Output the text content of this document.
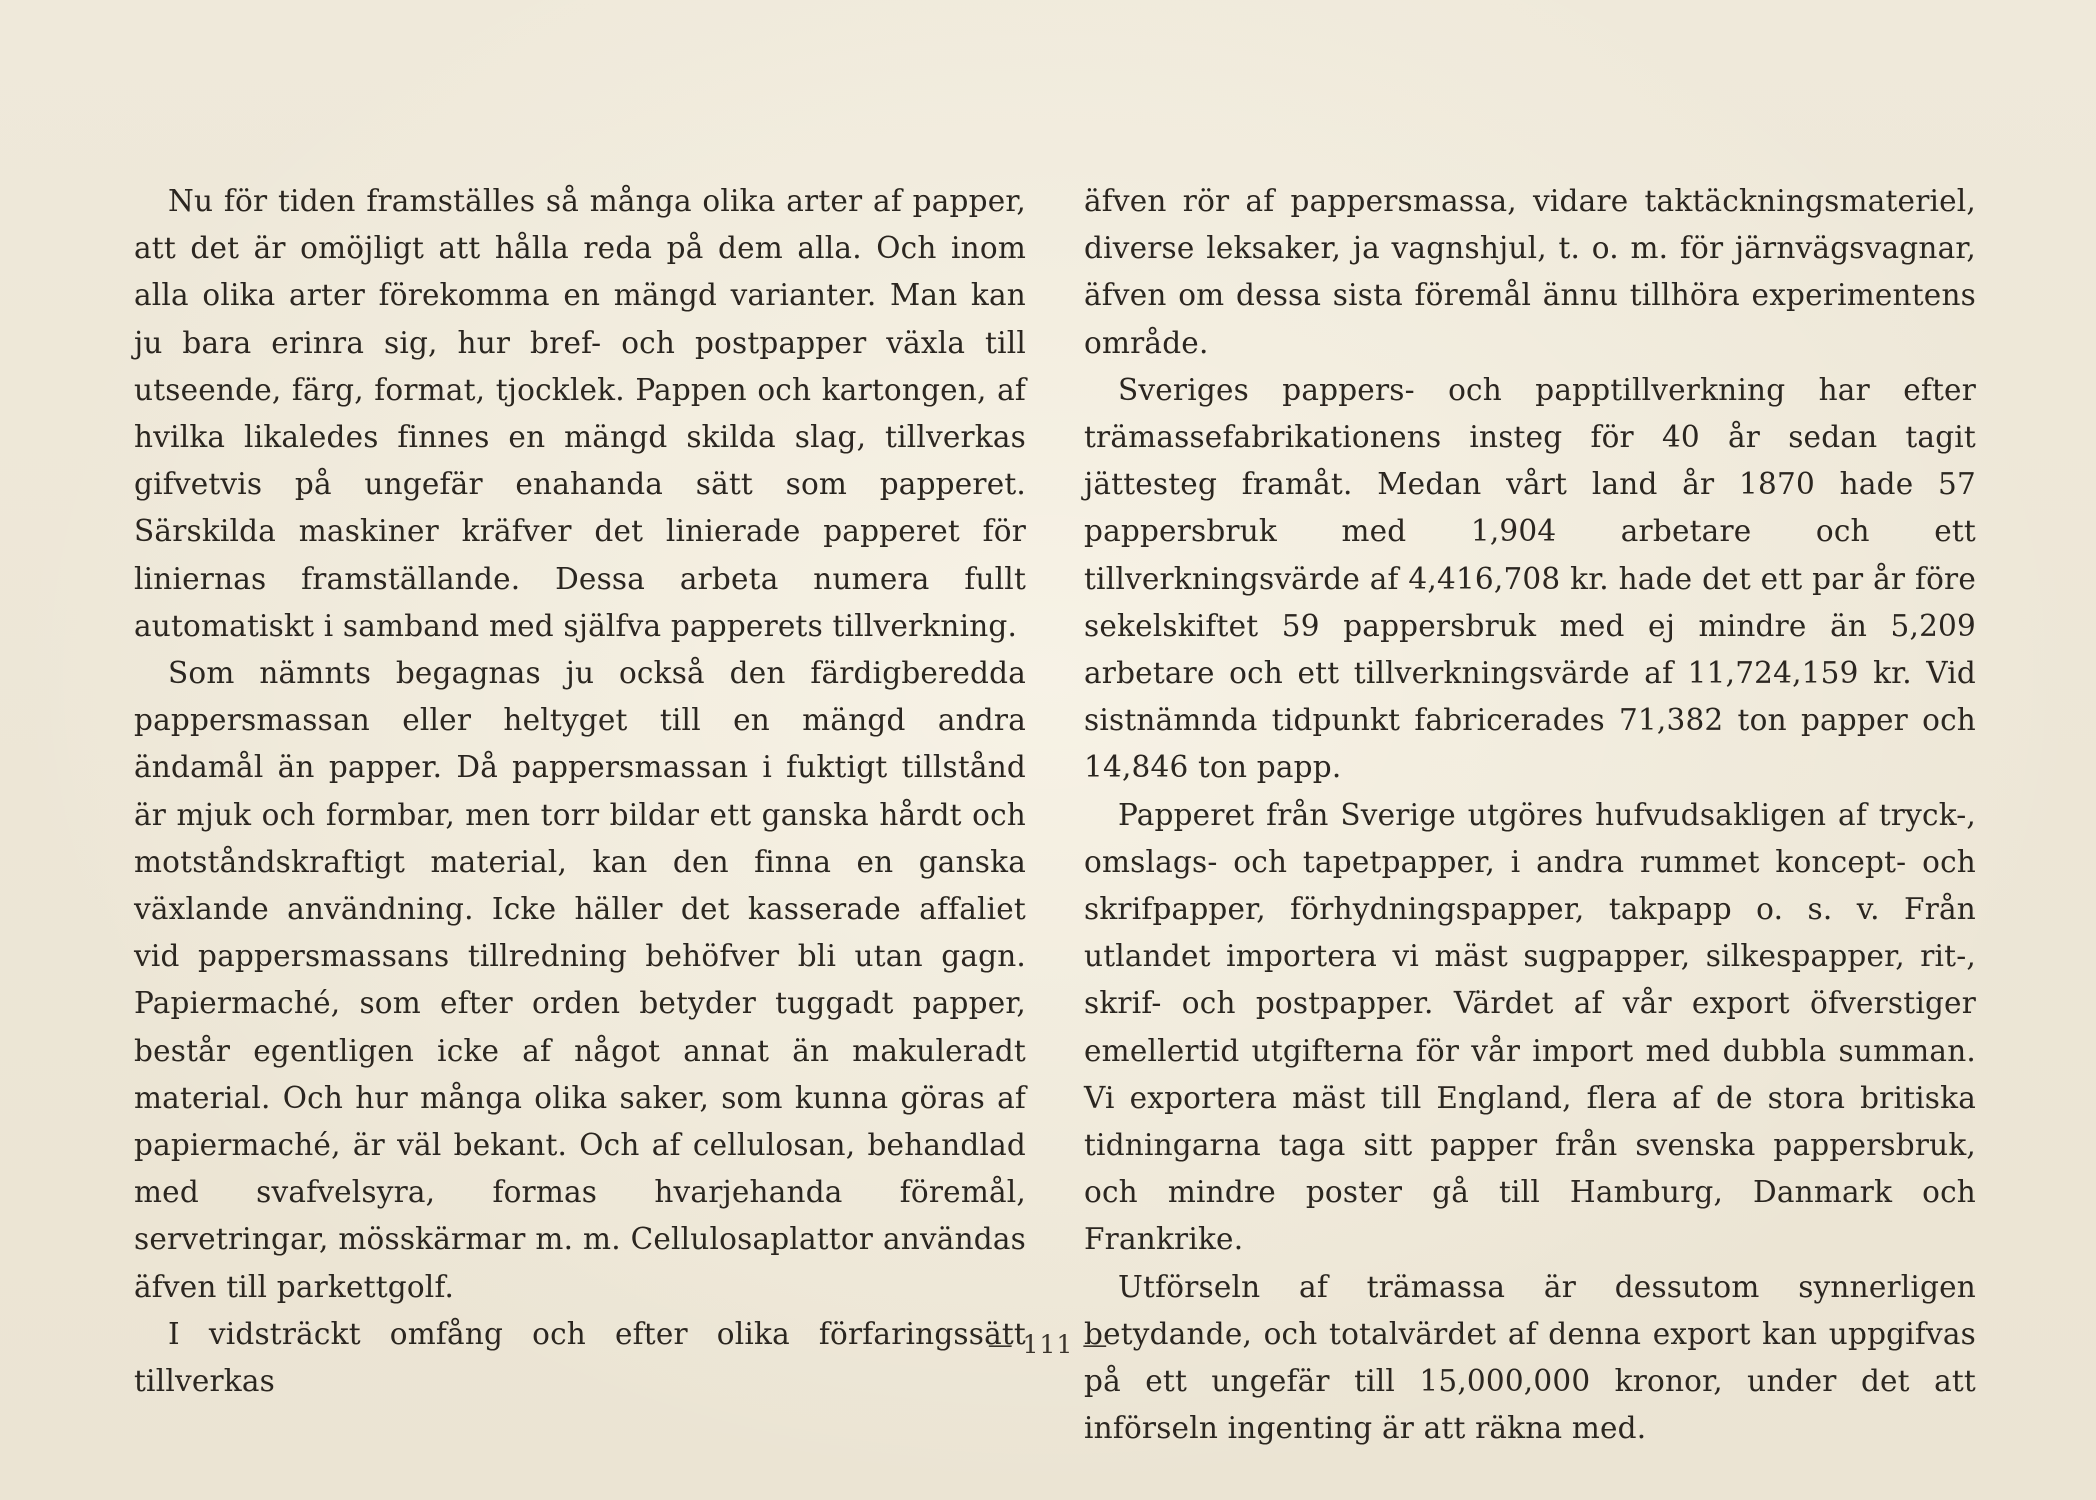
Nu för tiden framställes så många olika arter af papper, att det är omöjligt att hålla reda på dem alla. Och inom alla olika arter förekomma en mängd varianter. Man kan ju bara erinra sig, hur bref- och postpapper växla till utseende, färg, format, tjocklek. Pappen och kartongen, af hvilka likaledes finnes en mängd skilda slag, tillverkas gifvetvis på ungefär enahanda sätt som papperet. Särskilda maskiner kräfver det linierade papperet för liniernas framställande. Dessa arbeta numera fullt automatiskt i samband med själfva papperets tillverkning.

Som nämnts begagnas ju också den färdigberedda pappersmassan eller heltyget till en mängd andra ändamål än papper. Då pappersmassan i fuktigt tillstånd är mjuk och formbar, men torr bildar ett ganska hårdt och motståndskraftigt material, kan den finna en ganska växlande användning. Icke häller det kasserade affaliet vid pappersmassans tillredning behöfver bli utan gagn. Papiermaché, som efter orden betyder tuggadt papper, består egentligen icke af något annat än makuleradt material. Och hur många olika saker, som kunna göras af papiermaché, är väl bekant. Och af cellulosan, behandlad med svafvelsyra, formas hvarjehanda föremål, servetringar, mösskärmar m. m. Cellulosaplattor användas äfven till parkettgolf.

I vidsträckt omfång och efter olika förfaringssätt tillverkas

äfven rör af pappersmassa, vidare taktäckningsmateriel, diverse leksaker, ja vagnshjul, t. o. m. för järnvägsvagnar, äfven om dessa sista föremål ännu tillhöra experimentens område.

Sveriges pappers- och papptillverkning har efter trämassefabrikationens insteg för 40 år sedan tagit jättesteg framåt. Medan vårt land år 1870 hade 57 pappersbruk med 1,904 arbetare och ett tillverkningsvärde af 4,416,708 kr. hade det ett par år före sekelskiftet 59 pappersbruk med ej mindre än 5,209 arbetare och ett tillverkningsvärde af 11,724,159 kr. Vid sistnämnda tidpunkt fabricerades 71,382 ton papper och 14,846 ton papp.

Papperet från Sverige utgöres hufvudsakligen af tryck-, omslags- och tapetpapper, i andra rummet koncept- och skrifpapper, förhydningspapper, takpapp o. s. v. Från utlandet importera vi mäst sugpapper, silkespapper, rit-, skrif- och postpapper. Värdet af vår export öfverstiger emellertid utgifterna för vår import med dubbla summan. Vi exportera mäst till England, flera af de stora britiska tidningarna taga sitt papper från svenska pappersbruk, och mindre poster gå till Hamburg, Danmark och Frankrike.

Utförseln af trämassa är dessutom synnerligen betydande, och totalvärdet af denna export kan uppgifvas på ett ungefär till 15,000,000 kronor, under det att införseln ingenting är att räkna med.

— 111 —
